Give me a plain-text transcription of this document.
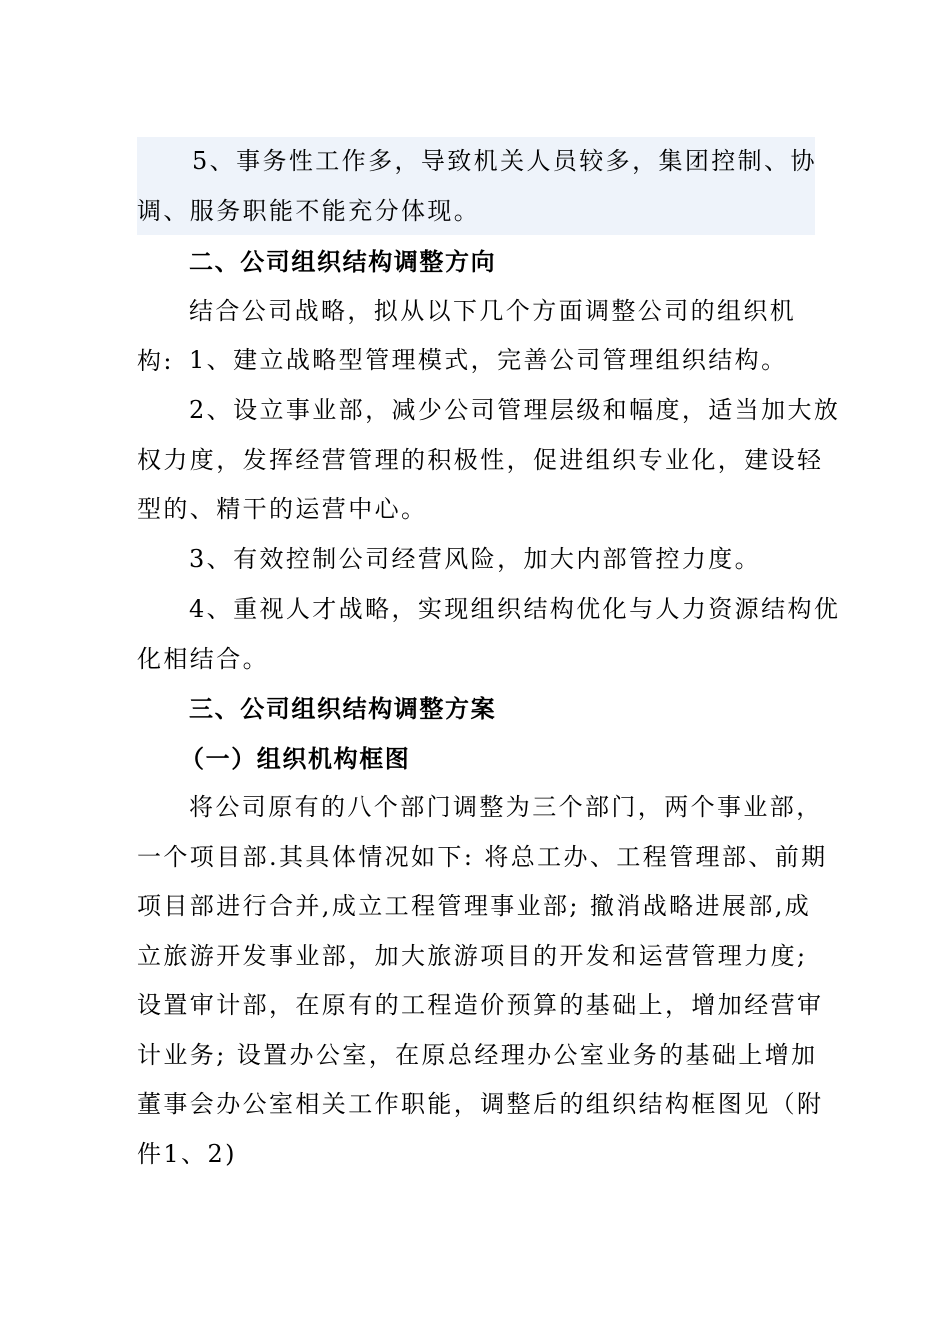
5、事务性工作多，导致机关人员较多，集团控制、协
调、服务职能不能充分体现。
二、公司组织结构调整方向
结合公司战略，拟从以下几个方面调整公司的组织机构: 1、建立战略型管理模式，完善公司管理组织结构。
2、设立事业部，减少公司管理层级和幅度，适当加大放
权力度，发挥经营管理的积极性，促进组织专业化，建设轻
型的、精干的运营中心。
3、有效控制公司经营风险，加大内部管控力度。
4、重视人才战略，实现组织结构优化与人力资源结构优
化相结合。
三、公司组织结构调整方案
（一）组织机构框图
将公司原有的八个部门调整为三个部门，两个事业部，
一个项目部.其具体情况如下: 将总工办、工程管理部、前期
项目部进行合并,成立工程管理事业部; 撤消战略进展部,成
立旅游开发事业部，加大旅游项目的开发和运营管理力度;
设置审计部，在原有的工程造价预算的基础上，增加经营审
计业务; 设置办公室，在原总经理办公室业务的基础上增加
董事会办公室相关工作职能，调整后的组织结构框图见（附
件1、2)
